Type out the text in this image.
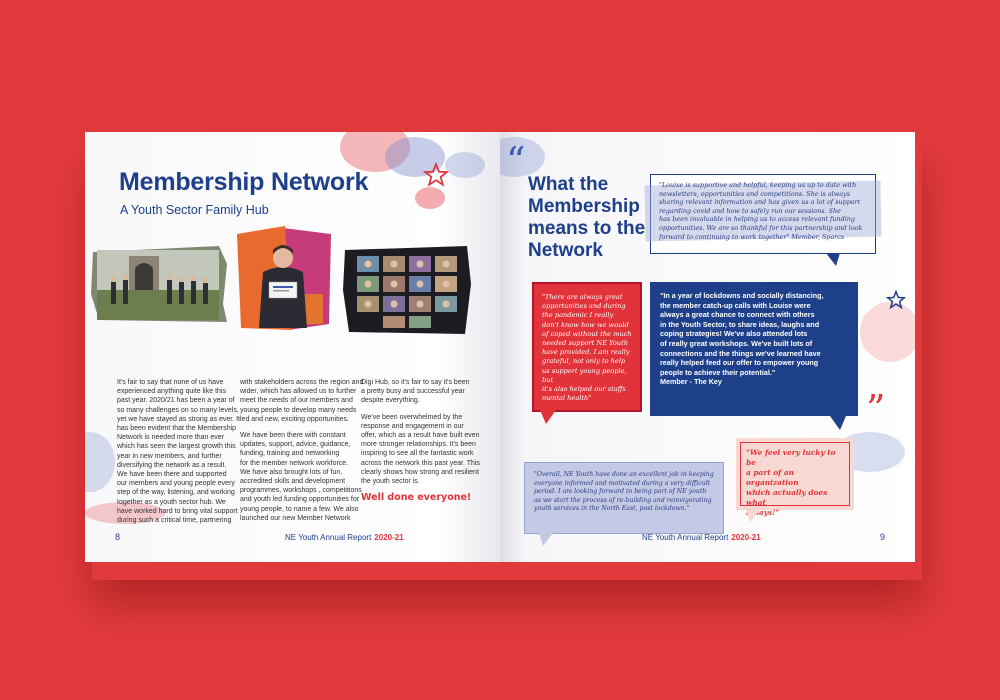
Membership Network
A Youth Sector Family Hub

It's fair to say that none of us have
experienced anything quite like this
past year. 2020/21 has been a year of
so many challenges on so many levels,
yet we have stayed as strong as ever. It
has been evident that the Membership
Network is needed more than ever
which has seen the largest growth this
year in new members, and further
diversifying the network as a result.
We have been there and supported
our members and young people every
step of the way, listening, and working
together as a youth sector hub. We
have worked hard to bring vital support
during such a critical time, partnering

with stakeholders across the region and
wider, which has allowed us to further
meet the needs of our members and
young people to develop many needs
led and new, exciting opportunities.

We have been there with constant
updates, support, advice, guidance,
funding, training and networking
for the member network workforce.
We have also brought lots of fun,
accredited skills and development
programmes, workshops , competitions
and youth led funding opportunities for
young people, to name a few. We also
launched our new Member Network

Digi Hub, so it's fair to say it's been
a pretty busy and successful year
despite everything.

We've been overwhelmed by the
response and engagement in our
offer, which as a result have built even
more stronger relationships. It's been
inspiring to see all the fantastic work
across the network this past year. This
clearly shows how strong and resilient
the youth sector is.

Well done everyone!
8	NE Youth Annual Report 2020-21
“
What the
Membership
means to the
Network
"Louise is supportive and helpful, keeping us up to date with
newsletters, opportunities and competitions. She is always
sharing relevant information and has given us a lot of support
regarding covid and how to safely run our sessions. She
has been invaluable in helping us to access relevant funding
opportunities. We are so thankful for this partnership and look
forward to continuing to work together" Member, Sparcs
"There are always great
opportunities and during
the pandemic I really
don't know how we would
of coped without the much
needed support NE Youth
have provided. I am really
grateful, not only to help
us support young people, but
it's also helped our staffs
mental health"
"In a year of lockdowns and socially distancing,
the member catch-up calls with Louise were
always a great chance to connect with others
in the Youth Sector, to share ideas, laughs and
coping strategies! We've also attended lots
of really great workshops. We've built lots of
connections and the things we've learned have
really helped feed our offer to empower young
people to achieve their potential."
Member - The Key
”
"Overall, NE Youth have done an excellent job in keeping
everyone informed and motivated during a very difficult
period. I am looking forward to being part of NE youth
as we start the process of re-building and reinvigorating
youth services in the North East, post lockdown."
"We feel very lucky to be
a part of an organization
which actually does what
it says!"
NE Youth Annual Report 2020-21	9
